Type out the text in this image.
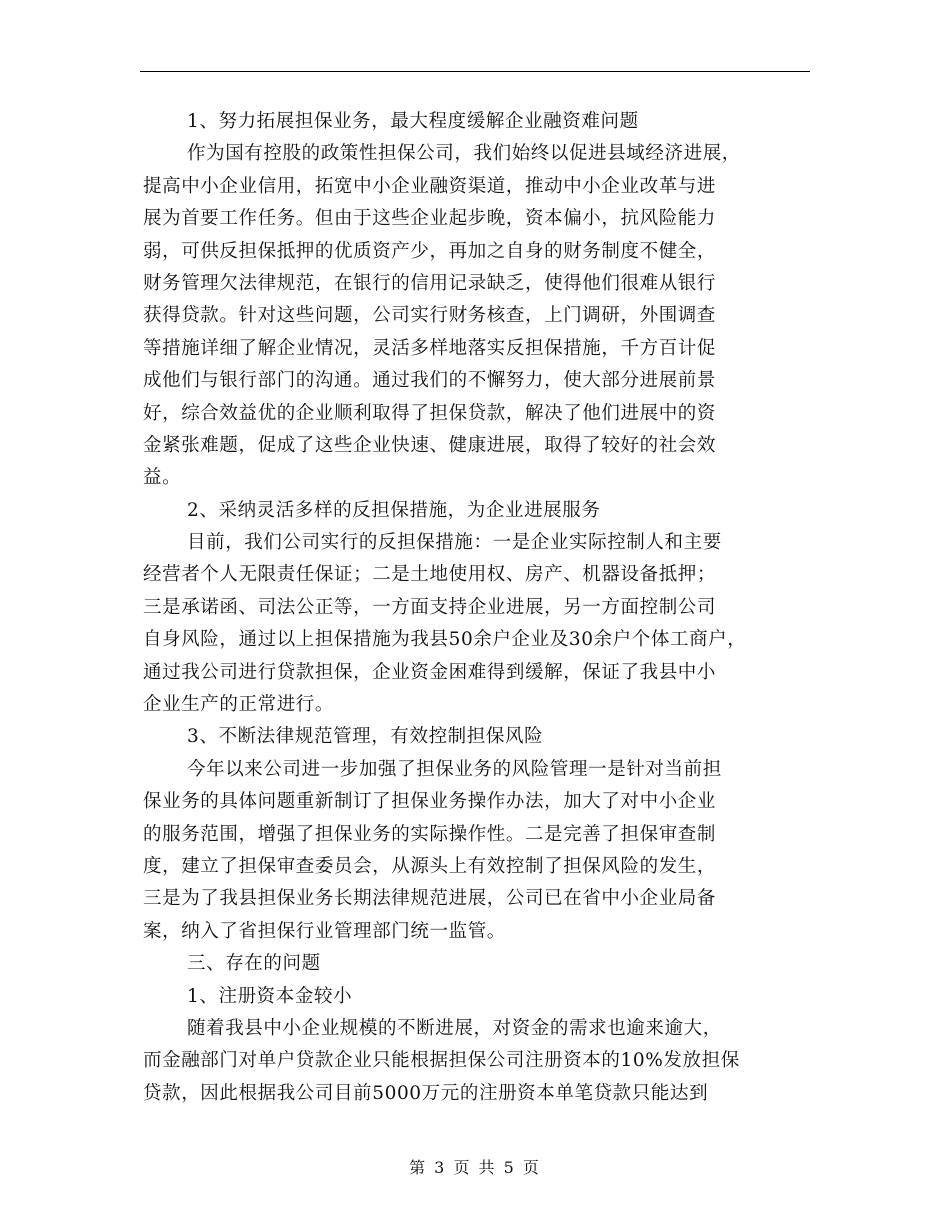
1、努力拓展担保业务，最大程度缓解企业融资难问题
作为国有控股的政策性担保公司，我们始终以促进县域经济进展，
提高中小企业信用，拓宽中小企业融资渠道，推动中小企业改革与进
展为首要工作任务。但由于这些企业起步晚，资本偏小，抗风险能力
弱，可供反担保抵押的优质资产少，再加之自身的财务制度不健全，
财务管理欠法律规范，在银行的信用记录缺乏，使得他们很难从银行
获得贷款。针对这些问题，公司实行财务核查，上门调研，外围调查
等措施详细了解企业情况，灵活多样地落实反担保措施，千方百计促
成他们与银行部门的沟通。通过我们的不懈努力，使大部分进展前景
好，综合效益优的企业顺利取得了担保贷款，解决了他们进展中的资
金紧张难题，促成了这些企业快速、健康进展，取得了较好的社会效
益。
2、采纳灵活多样的反担保措施，为企业进展服务
目前，我们公司实行的反担保措施：一是企业实际控制人和主要
经营者个人无限责任保证；二是土地使用权、房产、机器设备抵押；
三是承诺函、司法公正等，一方面支持企业进展，另一方面控制公司
自身风险，通过以上担保措施为我县50余户企业及30余户个体工商户，
通过我公司进行贷款担保，企业资金困难得到缓解，保证了我县中小
企业生产的正常进行。
3、不断法律规范管理，有效控制担保风险
今年以来公司进一步加强了担保业务的风险管理一是针对当前担
保业务的具体问题重新制订了担保业务操作办法，加大了对中小企业
的服务范围，增强了担保业务的实际操作性。二是完善了担保审查制
度，建立了担保审查委员会，从源头上有效控制了担保风险的发生，
三是为了我县担保业务长期法律规范进展，公司已在省中小企业局备
案，纳入了省担保行业管理部门统一监管。
三、存在的问题
1、注册资本金较小
随着我县中小企业规模的不断进展，对资金的需求也逾来逾大，
而金融部门对单户贷款企业只能根据担保公司注册资本的10%发放担保
贷款，因此根据我公司目前5000万元的注册资本单笔贷款只能达到
第 3 页 共 5 页
